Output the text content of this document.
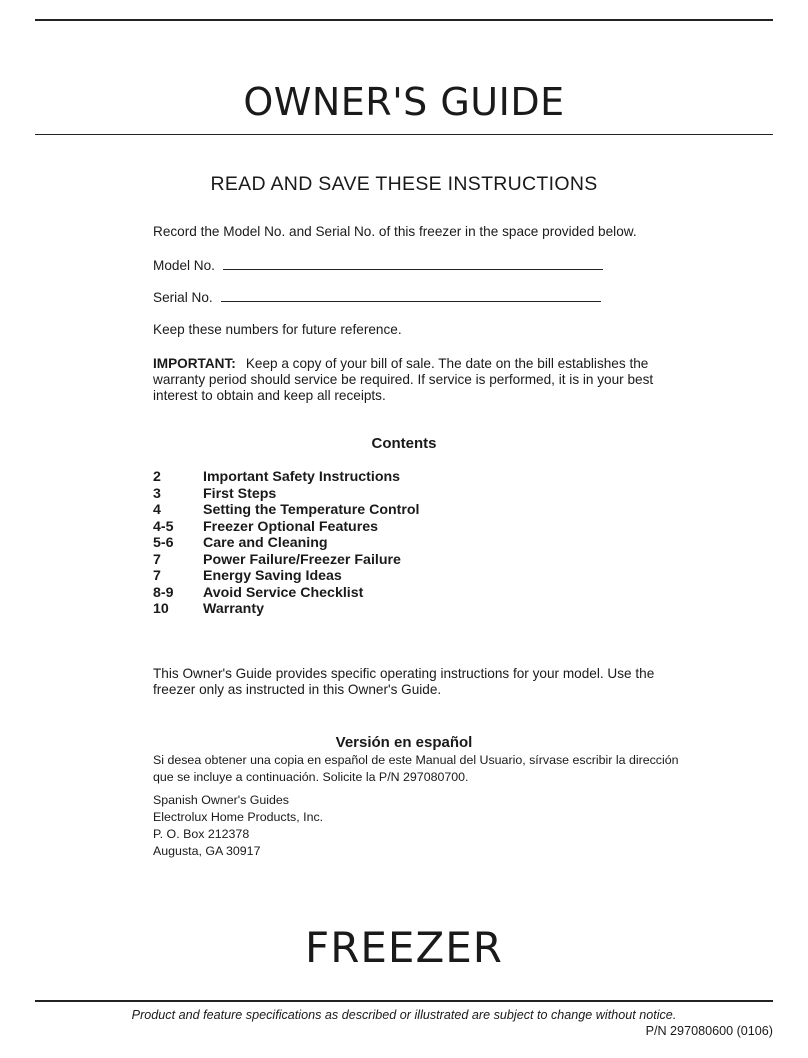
OWNER'S GUIDE
READ AND SAVE THESE INSTRUCTIONS
Record the Model No. and Serial No. of this freezer in the space provided below.
Model No.
Serial No.
Keep these numbers for future reference.
IMPORTANT: Keep a copy of your bill of sale. The date on the bill establishes the warranty period should service be required. If service is performed, it is in your best interest to obtain and keep all receipts.
Contents
2	Important Safety Instructions
3	First Steps
4	Setting the Temperature Control
4-5	Freezer Optional Features
5-6	Care and Cleaning
7	Power Failure/Freezer Failure
7	Energy Saving Ideas
8-9	Avoid Service Checklist
10	Warranty
This Owner's Guide provides specific operating instructions for your model. Use the freezer only as instructed in this Owner's Guide.
Versión en español
Si desea obtener una copia en español de este Manual del Usuario, sírvase escribir la dirección que se incluye a continuación. Solicite la P/N 297080700.
Spanish Owner's Guides
Electrolux Home Products, Inc.
P. O. Box 212378
Augusta, GA 30917
FREEZER
Product and feature specifications as described or illustrated are subject to change without notice.
P/N 297080600 (0106)
